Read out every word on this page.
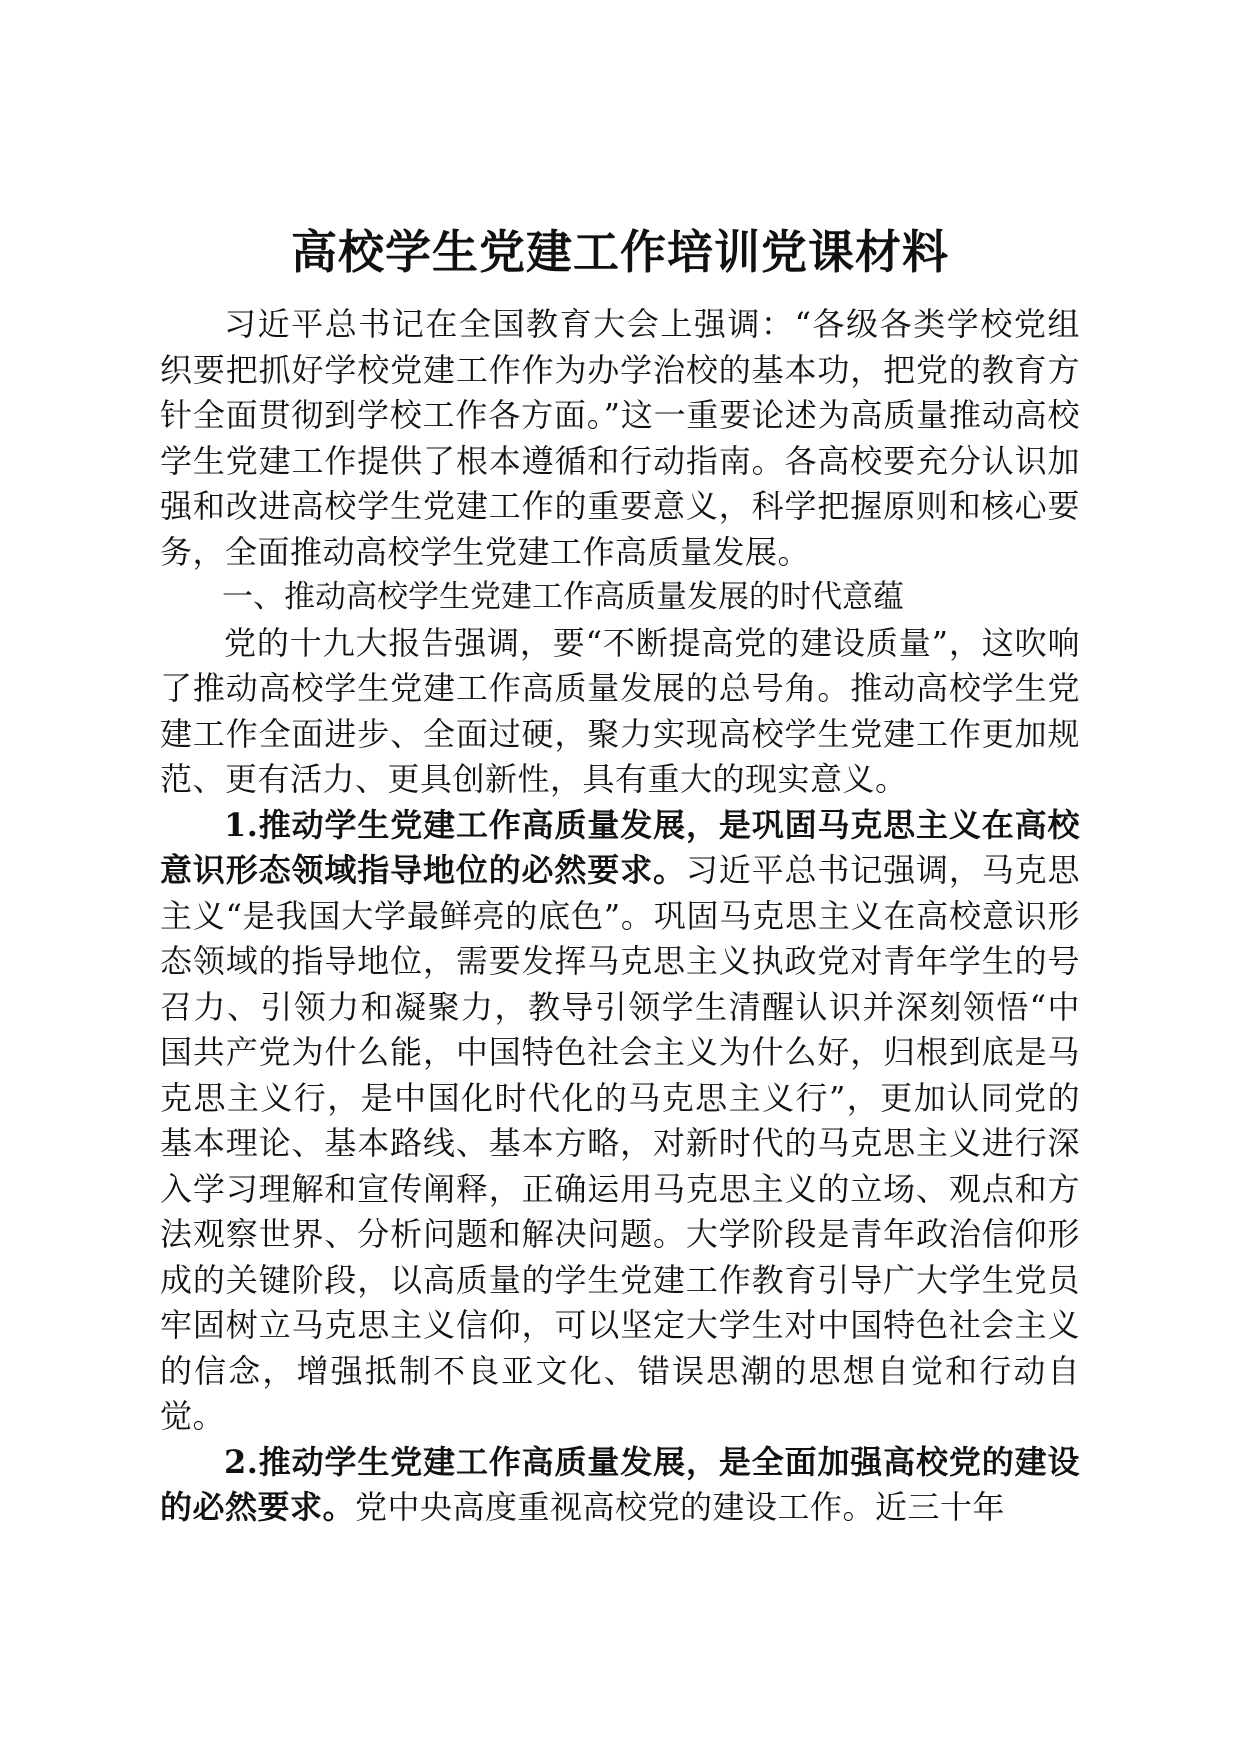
高校学生党建工作培训党课材料

习近平总书记在全国教育大会上强调：“各级各类学校党组织要把抓好学校党建工作作为办学治校的基本功，把党的教育方针全面贯彻到学校工作各方面。”这一重要论述为高质量推动高校学生党建工作提供了根本遵循和行动指南。各高校要充分认识加强和改进高校学生党建工作的重要意义，科学把握原则和核心要务，全面推动高校学生党建工作高质量发展。

一、推动高校学生党建工作高质量发展的时代意蕴

党的十九大报告强调，要“不断提高党的建设质量”，这吹响了推动高校学生党建工作高质量发展的总号角。推动高校学生党建工作全面进步、全面过硬，聚力实现高校学生党建工作更加规范、更有活力、更具创新性，具有重大的现实意义。

1.推动学生党建工作高质量发展，是巩固马克思主义在高校意识形态领域指导地位的必然要求。习近平总书记强调，马克思主义“是我国大学最鲜亮的底色”。巩固马克思主义在高校意识形态领域的指导地位，需要发挥马克思主义执政党对青年学生的号召力、引领力和凝聚力，教导引领学生清醒认识并深刻领悟“中国共产党为什么能，中国特色社会主义为什么好，归根到底是马克思主义行，是中国化时代化的马克思主义行”，更加认同党的基本理论、基本路线、基本方略，对新时代的马克思主义进行深入学习理解和宣传阐释，正确运用马克思主义的立场、观点和方法观察世界、分析问题和解决问题。大学阶段是青年政治信仰形成的关键阶段，以高质量的学生党建工作教育引导广大学生党员牢固树立马克思主义信仰，可以坚定大学生对中国特色社会主义的信念，增强抵制不良亚文化、错误思潮的思想自觉和行动自觉。

2.推动学生党建工作高质量发展，是全面加强高校党的建设的必然要求。党中央高度重视高校党的建设工作。近三十年
